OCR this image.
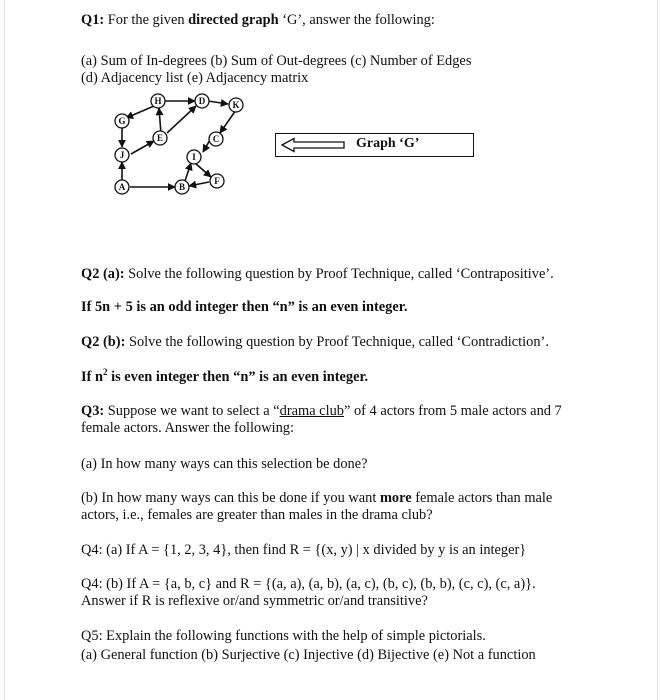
Q1: For the given directed graph ‘G’, answer the following:
(a) Sum of In-degrees (b) Sum of Out-degrees (c) Number of Edges
(d) Adjacency list (e) Adjacency matrix
H	D	K
G
E	C
J	I
A	B
F
Graph ‘G’
Q2 (a): Solve the following question by Proof Technique, called ‘Contrapositive’.
If 5n + 5 is an odd integer then “n” is an even integer.
Q2 (b): Solve the following question by Proof Technique, called ‘Contradiction’.
If $n^2$ is even integer then “n” is an even integer.
Q3: Suppose we want to select a “drama club” of 4 actors from 5 male actors and 7
female actors. Answer the following:
(a) In how many ways can this selection be done?
(b) In how many ways can this be done if you want more female actors than male
actors, i.e., females are greater than males in the drama club?
Q4: (a) If A = {1, 2, 3, 4}, then find R = {(x, y) | x divided by y is an integer}
Q4: (b) If A = {a, b, c} and R = {(a, a), (a, b), (a, c), (b, c), (b, b), (c, c), (c, a)}.
Answer if R is reflexive or/and symmetric or/and transitive?
Q5: Explain the following functions with the help of simple pictorials.
(a) General function (b) Surjective (c) Injective (d) Bijective (e) Not a function
